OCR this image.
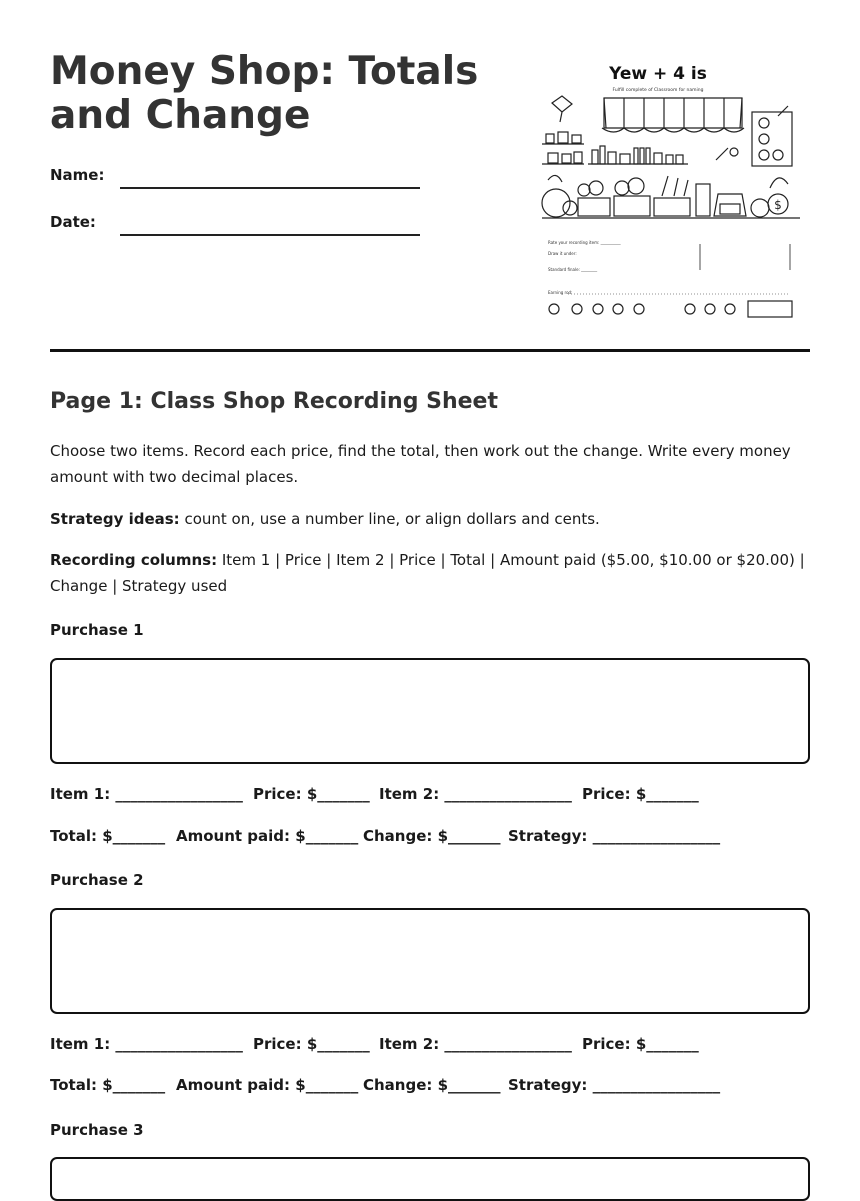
Money Shop: Totals and Change
Name:
Date:
Yew + 4 is
Fulfill complete of Classroom for naming
$
Rate your recording item: __________
Draw it under:
Standard finale: ________
Earning rod:
Page 1: Class Shop Recording Sheet

Choose two items. Record each price, find the total, then work out the change. Write every money amount with two decimal places.

Strategy ideas: count on, use a number line, or align dollars and cents.

Recording columns: Item 1 | Price | Item 2 | Price | Total | Amount paid ($5.00, $10.00 or $20.00) | Change | Strategy used

Purchase 1
Item 1: _________________ Price: $_______ Item 2: _________________ Price: $_______
Total: $_______ Amount paid: $_______ Change: $_______ Strategy: _________________
Purchase 2
Item 1: _________________ Price: $_______ Item 2: _________________ Price: $_______
Total: $_______ Amount paid: $_______ Change: $_______ Strategy: _________________
Purchase 3
